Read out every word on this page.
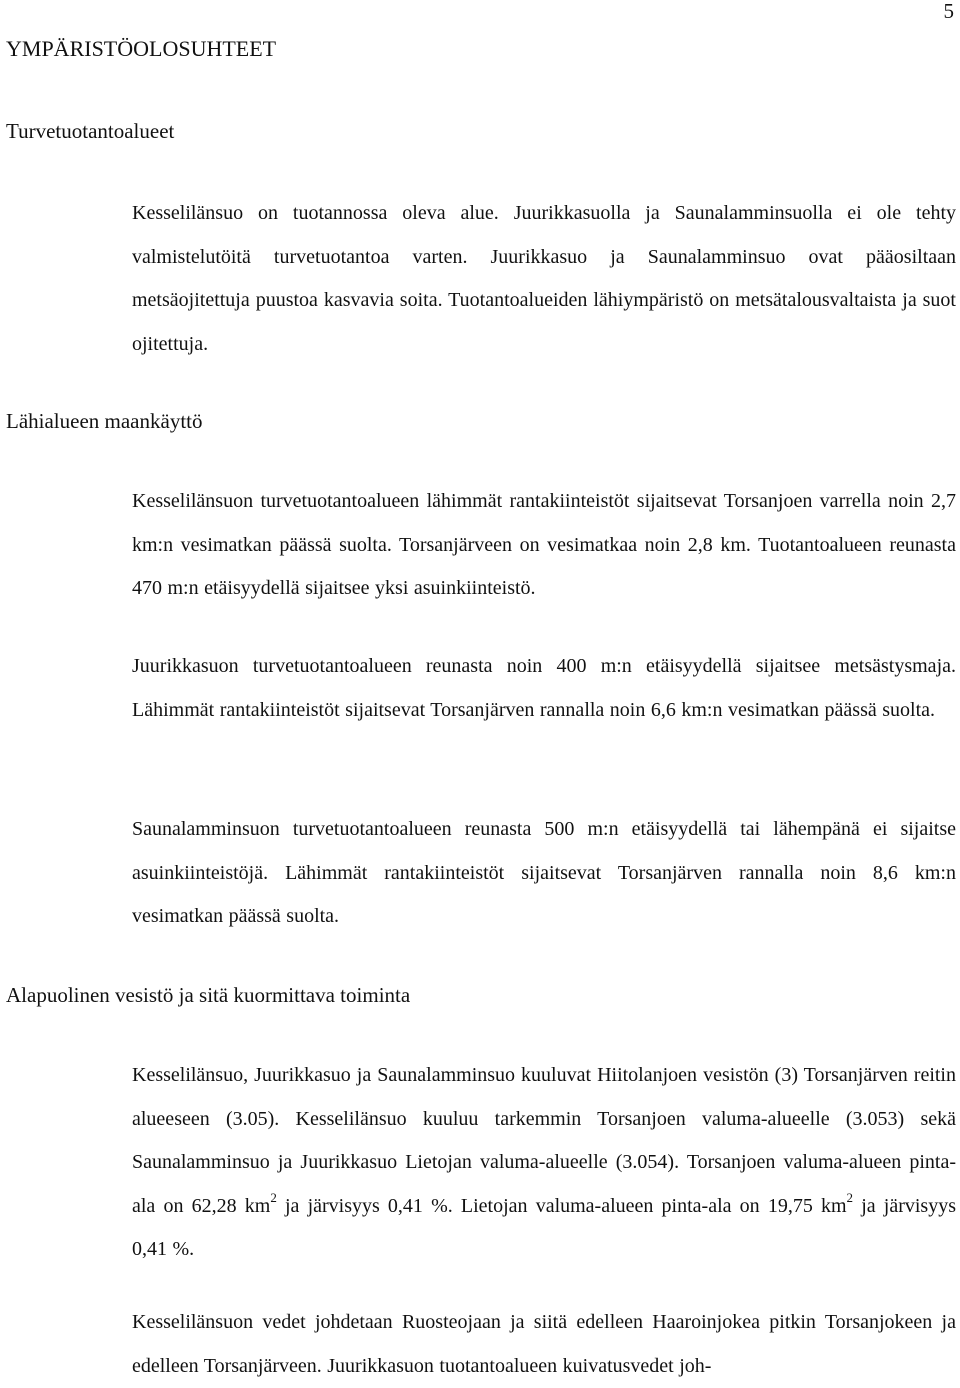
5
YMPÄRISTÖOLOSUHTEET
Turvetuotantoalueet

Kesselilänsuo on tuotannossa oleva alue. Juurikkasuolla ja Saunalamminsuolla ei ole tehty valmistelutöitä turvetuotantoa varten. Juurikkasuo ja Saunalamminsuo ovat pääosiltaan metsäojitettuja puustoa kasvavia soita. Tuotantoalueiden lähiympäristö on metsätalousvaltaista ja suot ojitettuja.

Lähialueen maankäyttö

Kesselilänsuon turvetuotantoalueen lähimmät rantakiinteistöt sijaitsevat Torsanjoen varrella noin 2,7 km:n vesimatkan päässä suolta. Torsanjärveen on vesimatkaa noin 2,8 km. Tuotantoalueen reunasta 470 m:n etäisyydellä sijaitsee yksi asuinkiinteistö.

Juurikkasuon turvetuotantoalueen reunasta noin 400 m:n etäisyydellä sijaitsee metsästysmaja. Lähimmät rantakiinteistöt sijaitsevat Torsanjärven rannalla noin 6,6 km:n vesimatkan päässä suolta.

Saunalamminsuon turvetuotantoalueen reunasta 500 m:n etäisyydellä tai lähempänä ei sijaitse asuinkiinteistöjä. Lähimmät rantakiinteistöt sijaitsevat Torsanjärven rannalla noin 8,6 km:n vesimatkan päässä suolta.

Alapuolinen vesistö ja sitä kuormittava toiminta

Kesselilänsuo, Juurikkasuo ja Saunalamminsuo kuuluvat Hiitolanjoen vesistön (3) Torsanjärven reitin alueeseen (3.05). Kesselilänsuo kuuluu tarkemmin Torsanjoen valuma-alueelle (3.053) sekä Saunalamminsuo ja Juurikkasuo Lietojan valuma-alueelle (3.054). Torsanjoen valuma-alueen pinta-ala on 62,28 $km^2$ ja järvisyys 0,41 %. Lietojan valuma-alueen pinta-ala on 19,75 $km^2$ ja järvisyys 0,41 %.

Kesselilänsuon vedet johdetaan Ruosteojaan ja siitä edelleen Haaroinjokea pitkin Torsanjokeen ja edelleen Torsanjärveen. Juurikkasuon tuotantoalueen kuivatusvedet joh-
